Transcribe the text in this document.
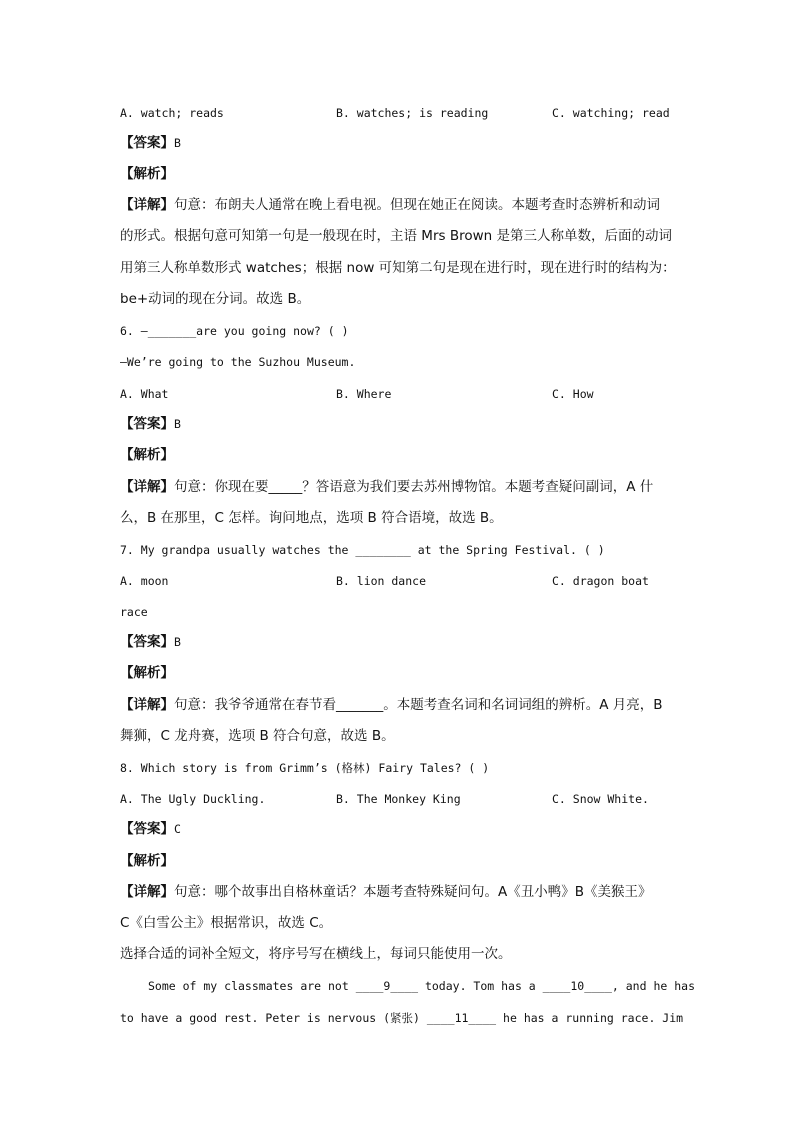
A. watch; reads	B. watches; is reading	C. watching; read
【答案】B
【解析】
【详解】句意：布朗夫人通常在晚上看电视。但现在她正在阅读。本题考查时态辨析和动词
的形式。根据句意可知第一句是一般现在时，主语 Mrs Brown 是第三人称单数，后面的动词
用第三人称单数形式 watches；根据 now 可知第二句是现在进行时，现在进行时的结构为：
be+动词的现在分词。故选 B。
6. —_______are you going now? ( )
—We’re going to the Suzhou Museum.
A. What	B. Where	C. How
【答案】B
【解析】
【详解】句意：你现在要_____？答语意为我们要去苏州博物馆。本题考查疑问副词，A 什
么，B 在那里，C 怎样。询问地点，选项 B 符合语境，故选 B。
7. My grandpa usually watches the ________ at the Spring Festival. ( )
A. moon	B. lion dance	C. dragon boat
race
【答案】B
【解析】
【详解】句意：我爷爷通常在春节看_______。本题考查名词和名词词组的辨析。A 月亮，B
舞狮，C 龙舟赛，选项 B 符合句意，故选 B。
8. Which story is from Grimm’s (格林) Fairy Tales? ( )
A. The Ugly Duckling.	B. The Monkey King	C. Snow White.
【答案】C
【解析】
【详解】句意：哪个故事出自格林童话？本题考查特殊疑问句。A《丑小鸭》B《美猴王》
C《白雪公主》根据常识，故选 C。
选择合适的词补全短文，将序号写在横线上，每词只能使用一次。
Some of my classmates are not ____9____ today. Tom has a ____10____, and he has
to have a good rest. Peter is nervous (紧张) ____11____ he has a running race. Jim
